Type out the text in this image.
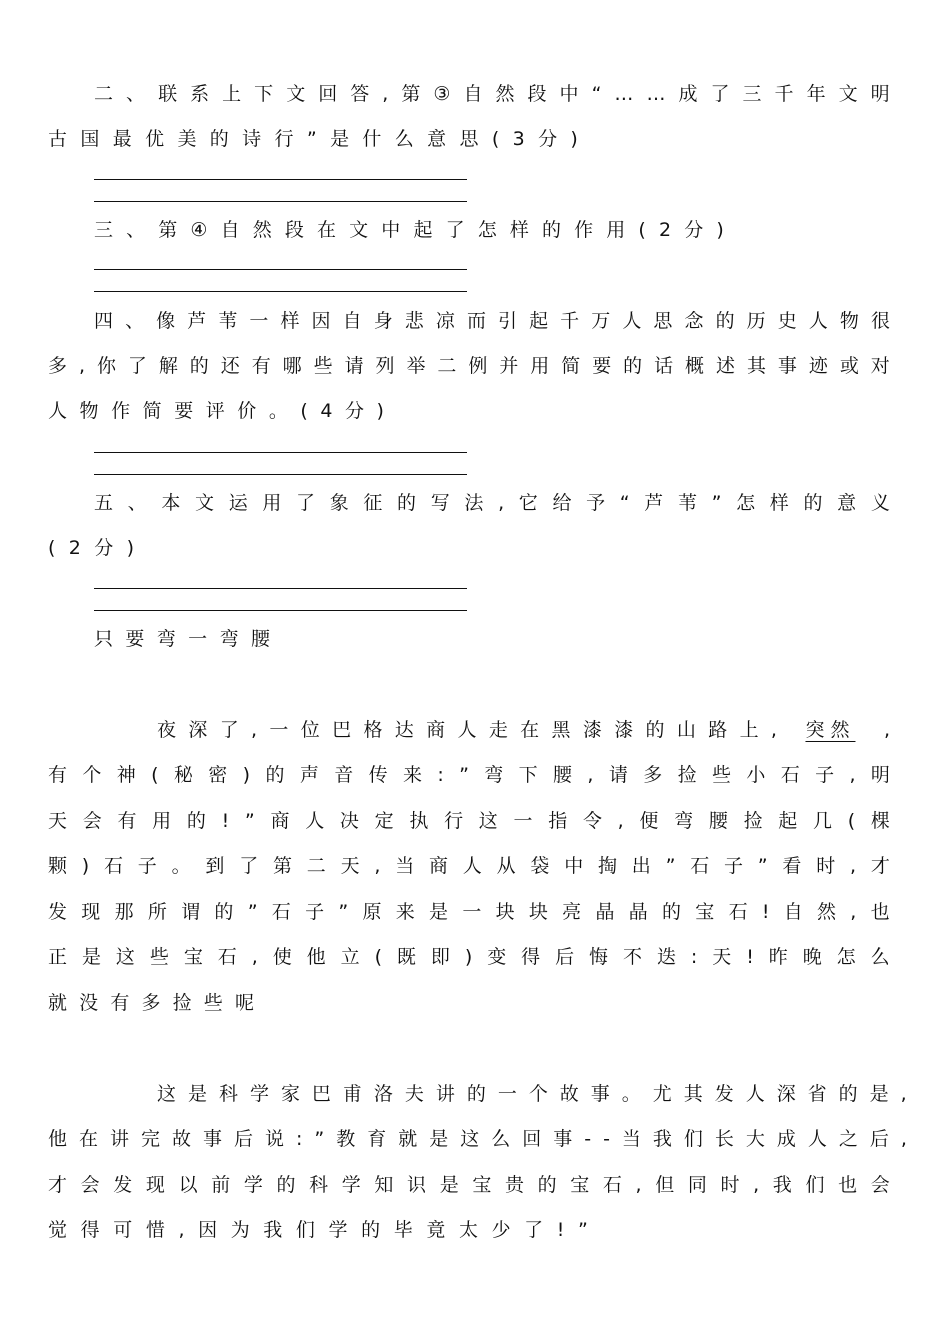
二 、 联 系 上 下 文 回 答 , 第 ③ 自 然 段 中 “ … … 成 了 三 千 年 文 明
古 国 最 优 美 的 诗 行 ” 是 什 么 意 思 ( 3 分 )
三 、 第 ④ 自 然 段 在 文 中 起 了 怎 样 的 作 用 ( 2 分 )
四 、 像 芦 苇 一 样 因 自 身 悲 凉 而 引 起 千 万 人 思 念 的 历 史 人 物 很
多 , 你 了 解 的 还 有 哪 些 请 列 举 二 例 并 用 简 要 的 话 概 述 其 事 迹 或 对
人 物 作 简 要 评 价 。 ( 4 分 )
五 、 本 文 运 用 了 象 征 的 写 法 , 它 给 予 “ 芦 苇 ” 怎 样 的 意 义
( 2 分 )
只 要 弯 一 弯 腰
夜 深 了 , 一 位 巴 格 达 商 人 走 在 黑 漆 漆 的 山 路 上 , 突然 ,
有 个 神 ( 秘 密 ) 的 声 音 传 来 : ” 弯 下 腰 , 请 多 捡 些 小 石 子 , 明
天 会 有 用 的 ! ” 商 人 决 定 执 行 这 一 指 令 , 便 弯 腰 捡 起 几 ( 棵
颗 ) 石 子 。 到 了 第 二 天 , 当 商 人 从 袋 中 掏 出 ” 石 子 ” 看 时 , 才
发 现 那 所 谓 的 ” 石 子 ” 原 来 是 一 块 块 亮 晶 晶 的 宝 石 ! 自 然 , 也
正 是 这 些 宝 石 , 使 他 立 ( 既 即 ) 变 得 后 悔 不 迭 : 天 ! 昨 晚 怎 么
就 没 有 多 捡 些 呢
这 是 科 学 家 巴 甫 洛 夫 讲 的 一 个 故 事 。 尤 其 发 人 深 省 的 是 ,
他 在 讲 完 故 事 后 说 : ” 教 育 就 是 这 么 回 事 - - 当 我 们 长 大 成 人 之 后 ,
才 会 发 现 以 前 学 的 科 学 知 识 是 宝 贵 的 宝 石 , 但 同 时 , 我 们 也 会
觉 得 可 惜 , 因 为 我 们 学 的 毕 竟 太 少 了 ! ”
